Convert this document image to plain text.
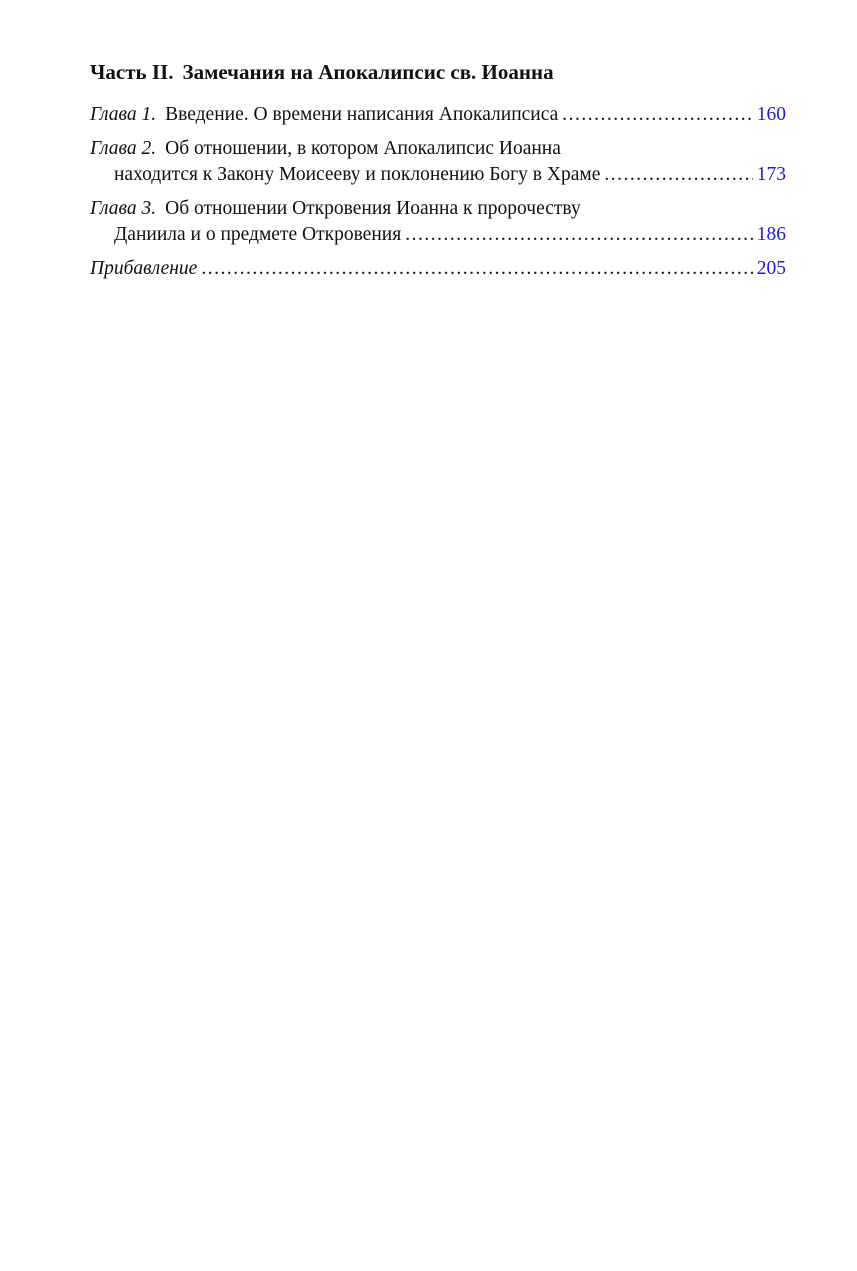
Часть II. Замечания на Апокалипсис св. Иоанна
Глава 1. Введение. О времени написания Апокалипсиса .....	160
Глава 2. Об отношении, в котором Апокалипсис Иоанна
находится к Закону Моисееву и поклонению Богу в Храме .....	173
Глава 3. Об отношении Откровения Иоанна к пророчеству
Даниила и о предмете Откровения .....	186
Прибавление .....	205
